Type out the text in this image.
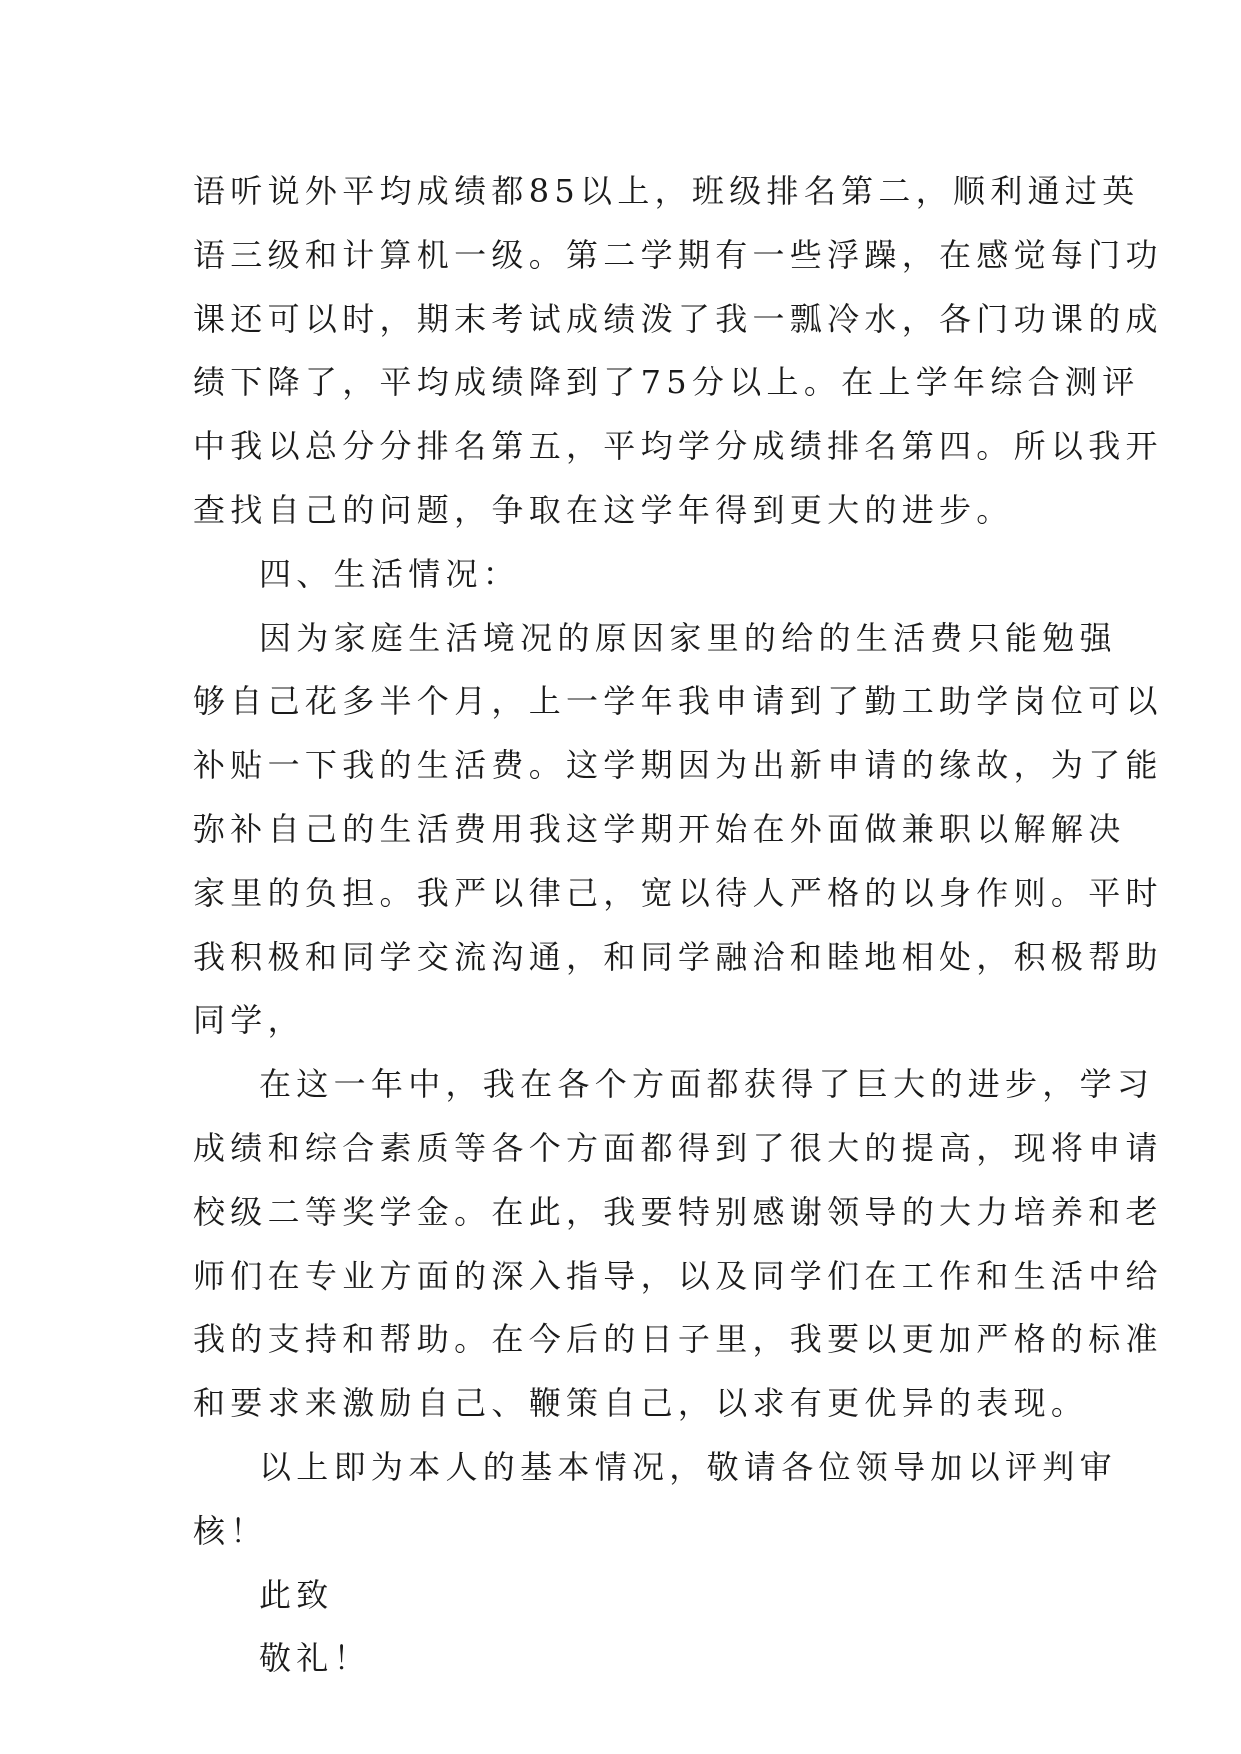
语听说外平均成绩都85以上，班级排名第二，顺利通过英

语三级和计算机一级。第二学期有一些浮躁，在感觉每门功

课还可以时，期末考试成绩泼了我一瓢冷水，各门功课的成

绩下降了，平均成绩降到了75分以上。在上学年综合测评

中我以总分分排名第五，平均学分成绩排名第四。所以我开

查找自己的问题，争取在这学年得到更大的进步。

四、生活情况：

因为家庭生活境况的原因家里的给的生活费只能勉强

够自己花多半个月，上一学年我申请到了勤工助学岗位可以

补贴一下我的生活费。这学期因为出新申请的缘故，为了能

弥补自己的生活费用我这学期开始在外面做兼职以解解决

家里的负担。我严以律己，宽以待人严格的以身作则。平时

我积极和同学交流沟通，和同学融洽和睦地相处，积极帮助

同学，

在这一年中，我在各个方面都获得了巨大的进步，学习

成绩和综合素质等各个方面都得到了很大的提高，现将申请

校级二等奖学金。在此，我要特别感谢领导的大力培养和老

师们在专业方面的深入指导，以及同学们在工作和生活中给

我的支持和帮助。在今后的日子里，我要以更加严格的标准

和要求来激励自己、鞭策自己，以求有更优异的表现。

以上即为本人的基本情况，敬请各位领导加以评判审

核！

此致

敬礼！
